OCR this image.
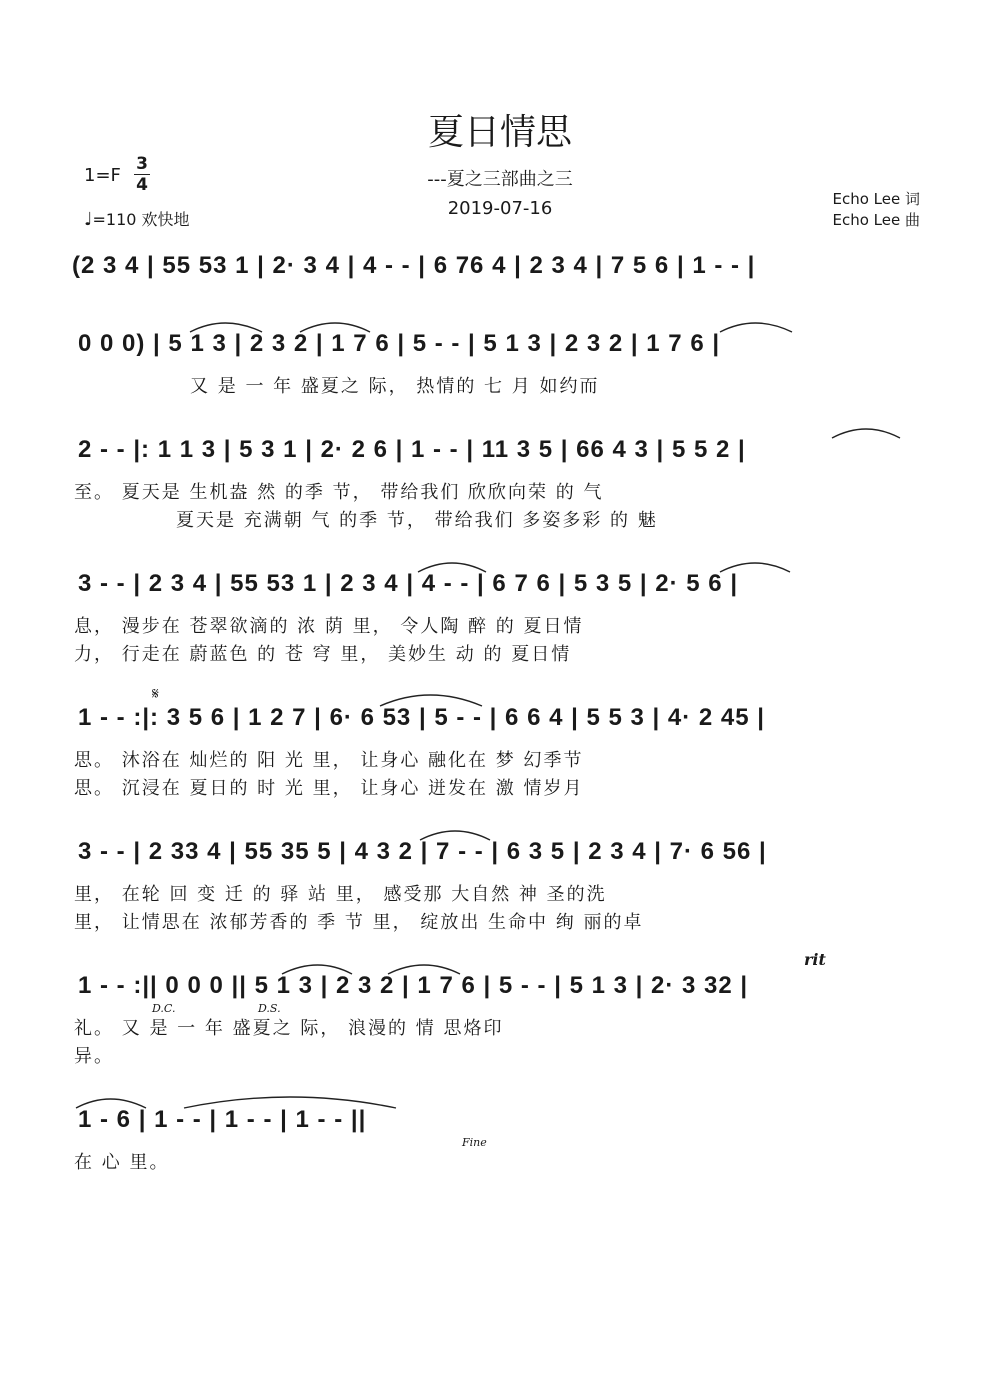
夏日情思
---夏之三部曲之三
2019-07-16
1=F
3
4
♩=110 欢快地
Echo Lee 词
Echo Lee 曲
(2 3 4 | 55 53 1 | 2· 3 4 | 4 - - | 6 76 4 | 2 3 4 | 7 5 6 | 1 - - |
0 0 0) | 5 1 3 | 2 3 2 | 1 7 6 | 5 - - | 5 1 3 | 2 3 2 | 1 7 6 |
又 是 一 年 盛夏之 际， 热情的 七 月 如约而
2 - - |: 1 1 3 | 5 3 1 | 2· 2 6 | 1 - - | 11 3 5 | 66 4 3 | 5 5 2 |
至。 夏天是 生机盎 然 的季 节， 带给我们 欣欣向荣 的 气
夏天是 充满朝 气 的季 节， 带给我们 多姿多彩 的 魅
3 - - | 2 3 4 | 55 53 1 | 2 3 4 | 4 - - | 6 7 6 | 5 3 5 | 2· 5 6 |
息， 漫步在 苍翠欲滴的 浓 荫 里， 令人陶 醉 的 夏日情
力， 行走在 蔚蓝色 的 苍 穹 里， 美妙生 动 的 夏日情
𝄋
1 - - :|: 3 5 6 | 1 2 7 | 6· 6 53 | 5 - - | 6 6 4 | 5 5 3 | 4· 2 45 |
思。 沐浴在 灿烂的 阳 光 里， 让身心 融化在 梦 幻季节
思。 沉浸在 夏日的 时 光 里， 让身心 迸发在 激 情岁月
3 - - | 2 33 4 | 55 35 5 | 4 3 2 | 7 - - | 6 3 5 | 2 3 4 | 7· 6 56 |
里， 在轮 回 变 迁 的 驿 站 里， 感受那 大自然 神 圣的洗
里， 让情思在 浓郁芳香的 季 节 里， 绽放出 生命中 绚 丽的卓
rit
1 - - :|| 0 0 0 || 5 1 3 | 2 3 2 | 1 7 6 | 5 - - | 5 1 3 | 2· 3 32 |
D.C.	D.S.
礼。 又 是 一 年 盛夏之 际， 浪漫的 情 思烙印
异。
1 - 6 | 1 - - | 1 - - | 1 - - ||
Fine
在 心 里。
